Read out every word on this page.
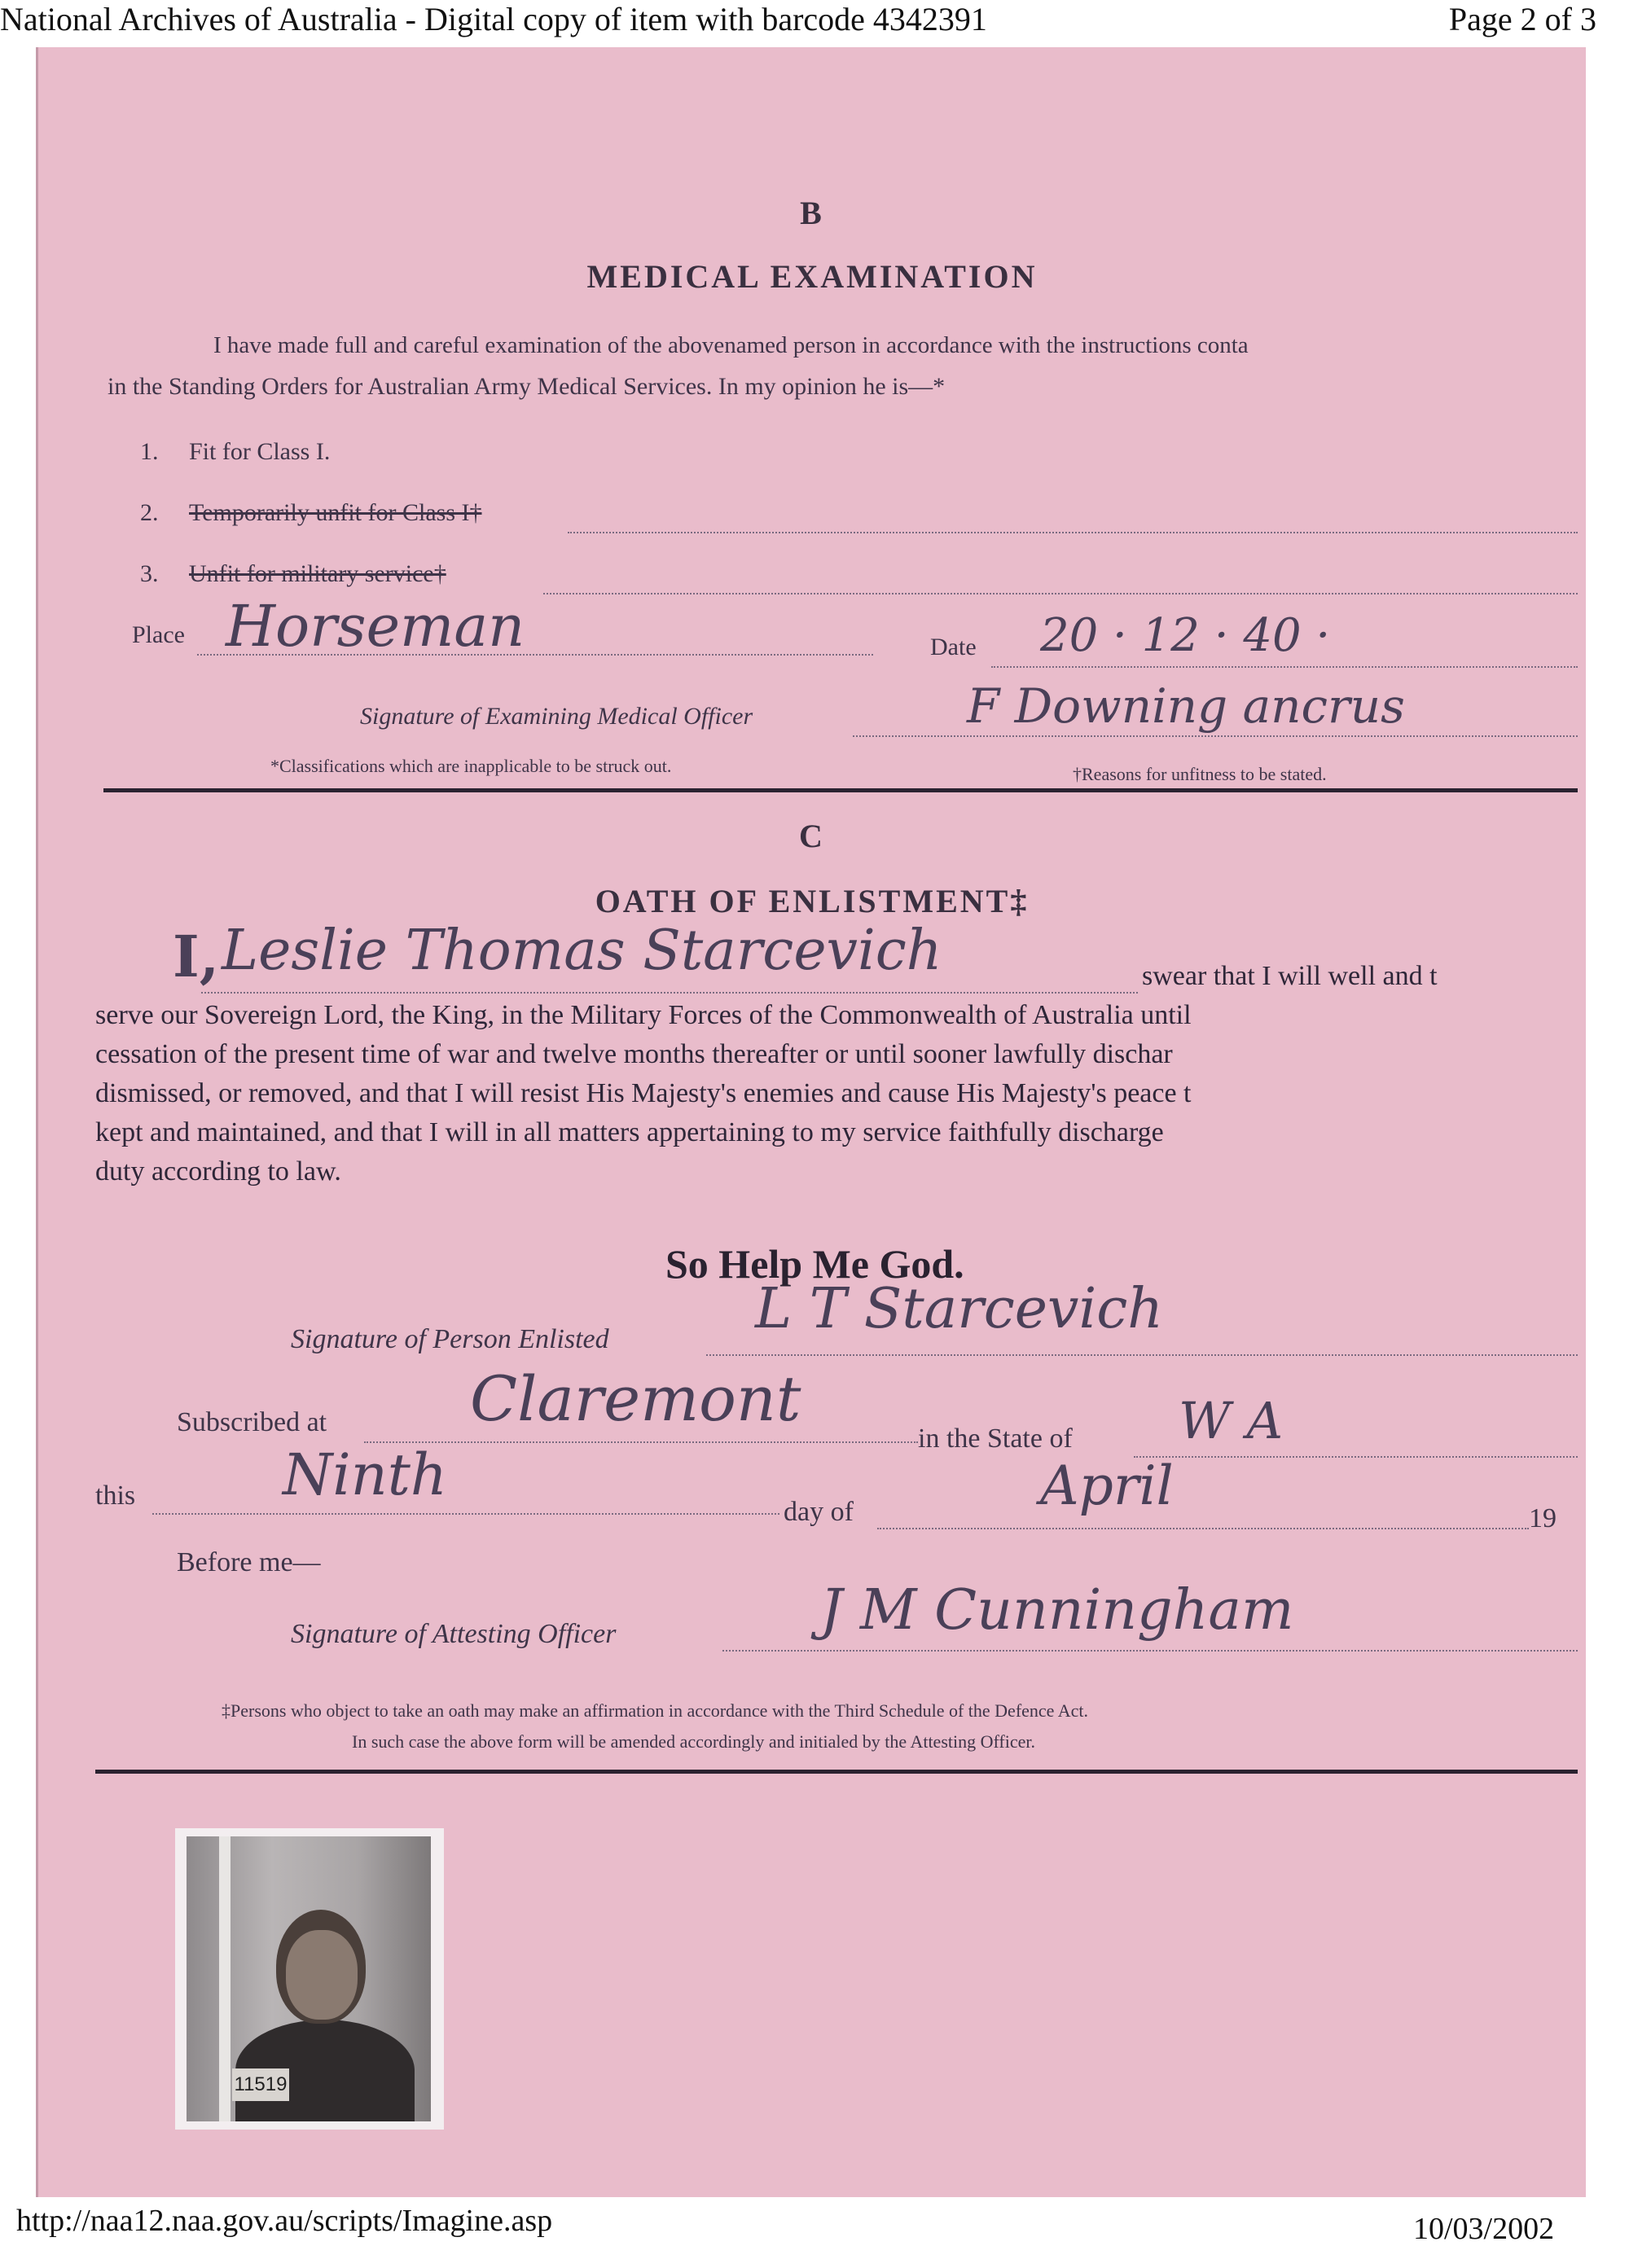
National Archives of Australia - Digital copy of item with barcode 4342391	Page 2 of 3
B
MEDICAL EXAMINATION
I have made full and careful examination of the abovenamed person in accordance with the instructions conta
in the Standing Orders for Australian Army Medical Services. In my opinion he is—*
1. Fit for Class I.
2. Temporarily unfit for Class I†
3. Unfit for military service†
Place Horseman	Date 20 · 12 · 40 ·
Signature of Examining Medical Officer	F Downing ancrus
*Classifications which are inapplicable to be struck out.	†Reasons for unfitness to be stated.
C
OATH OF ENLISTMENT‡
I, Leslie Thomas Starcevich	swear that I will well and t
serve our Sovereign Lord, the King, in the Military Forces of the Commonwealth of Australia until
cessation of the present time of war and twelve months thereafter or until sooner lawfully dischar
dismissed, or removed, and that I will resist His Majesty's enemies and cause His Majesty's peace t
kept and maintained, and that I will in all matters appertaining to my service faithfully discharge
duty according to law.
So Help Me God.
Signature of Person Enlisted	L T Starcevich
Subscribed at Claremont
in the State of W A
this	Ninth
day of	April
19
Before me—
Signature of Attesting Officer	J M Cunningham
‡Persons who object to take an oath may make an affirmation in accordance with the Third Schedule of the Defence Act.
In such case the above form will be amended accordingly and initialed by the Attesting Officer.
11519
http://naa12.naa.gov.au/scripts/Imagine.asp	10/03/2002
